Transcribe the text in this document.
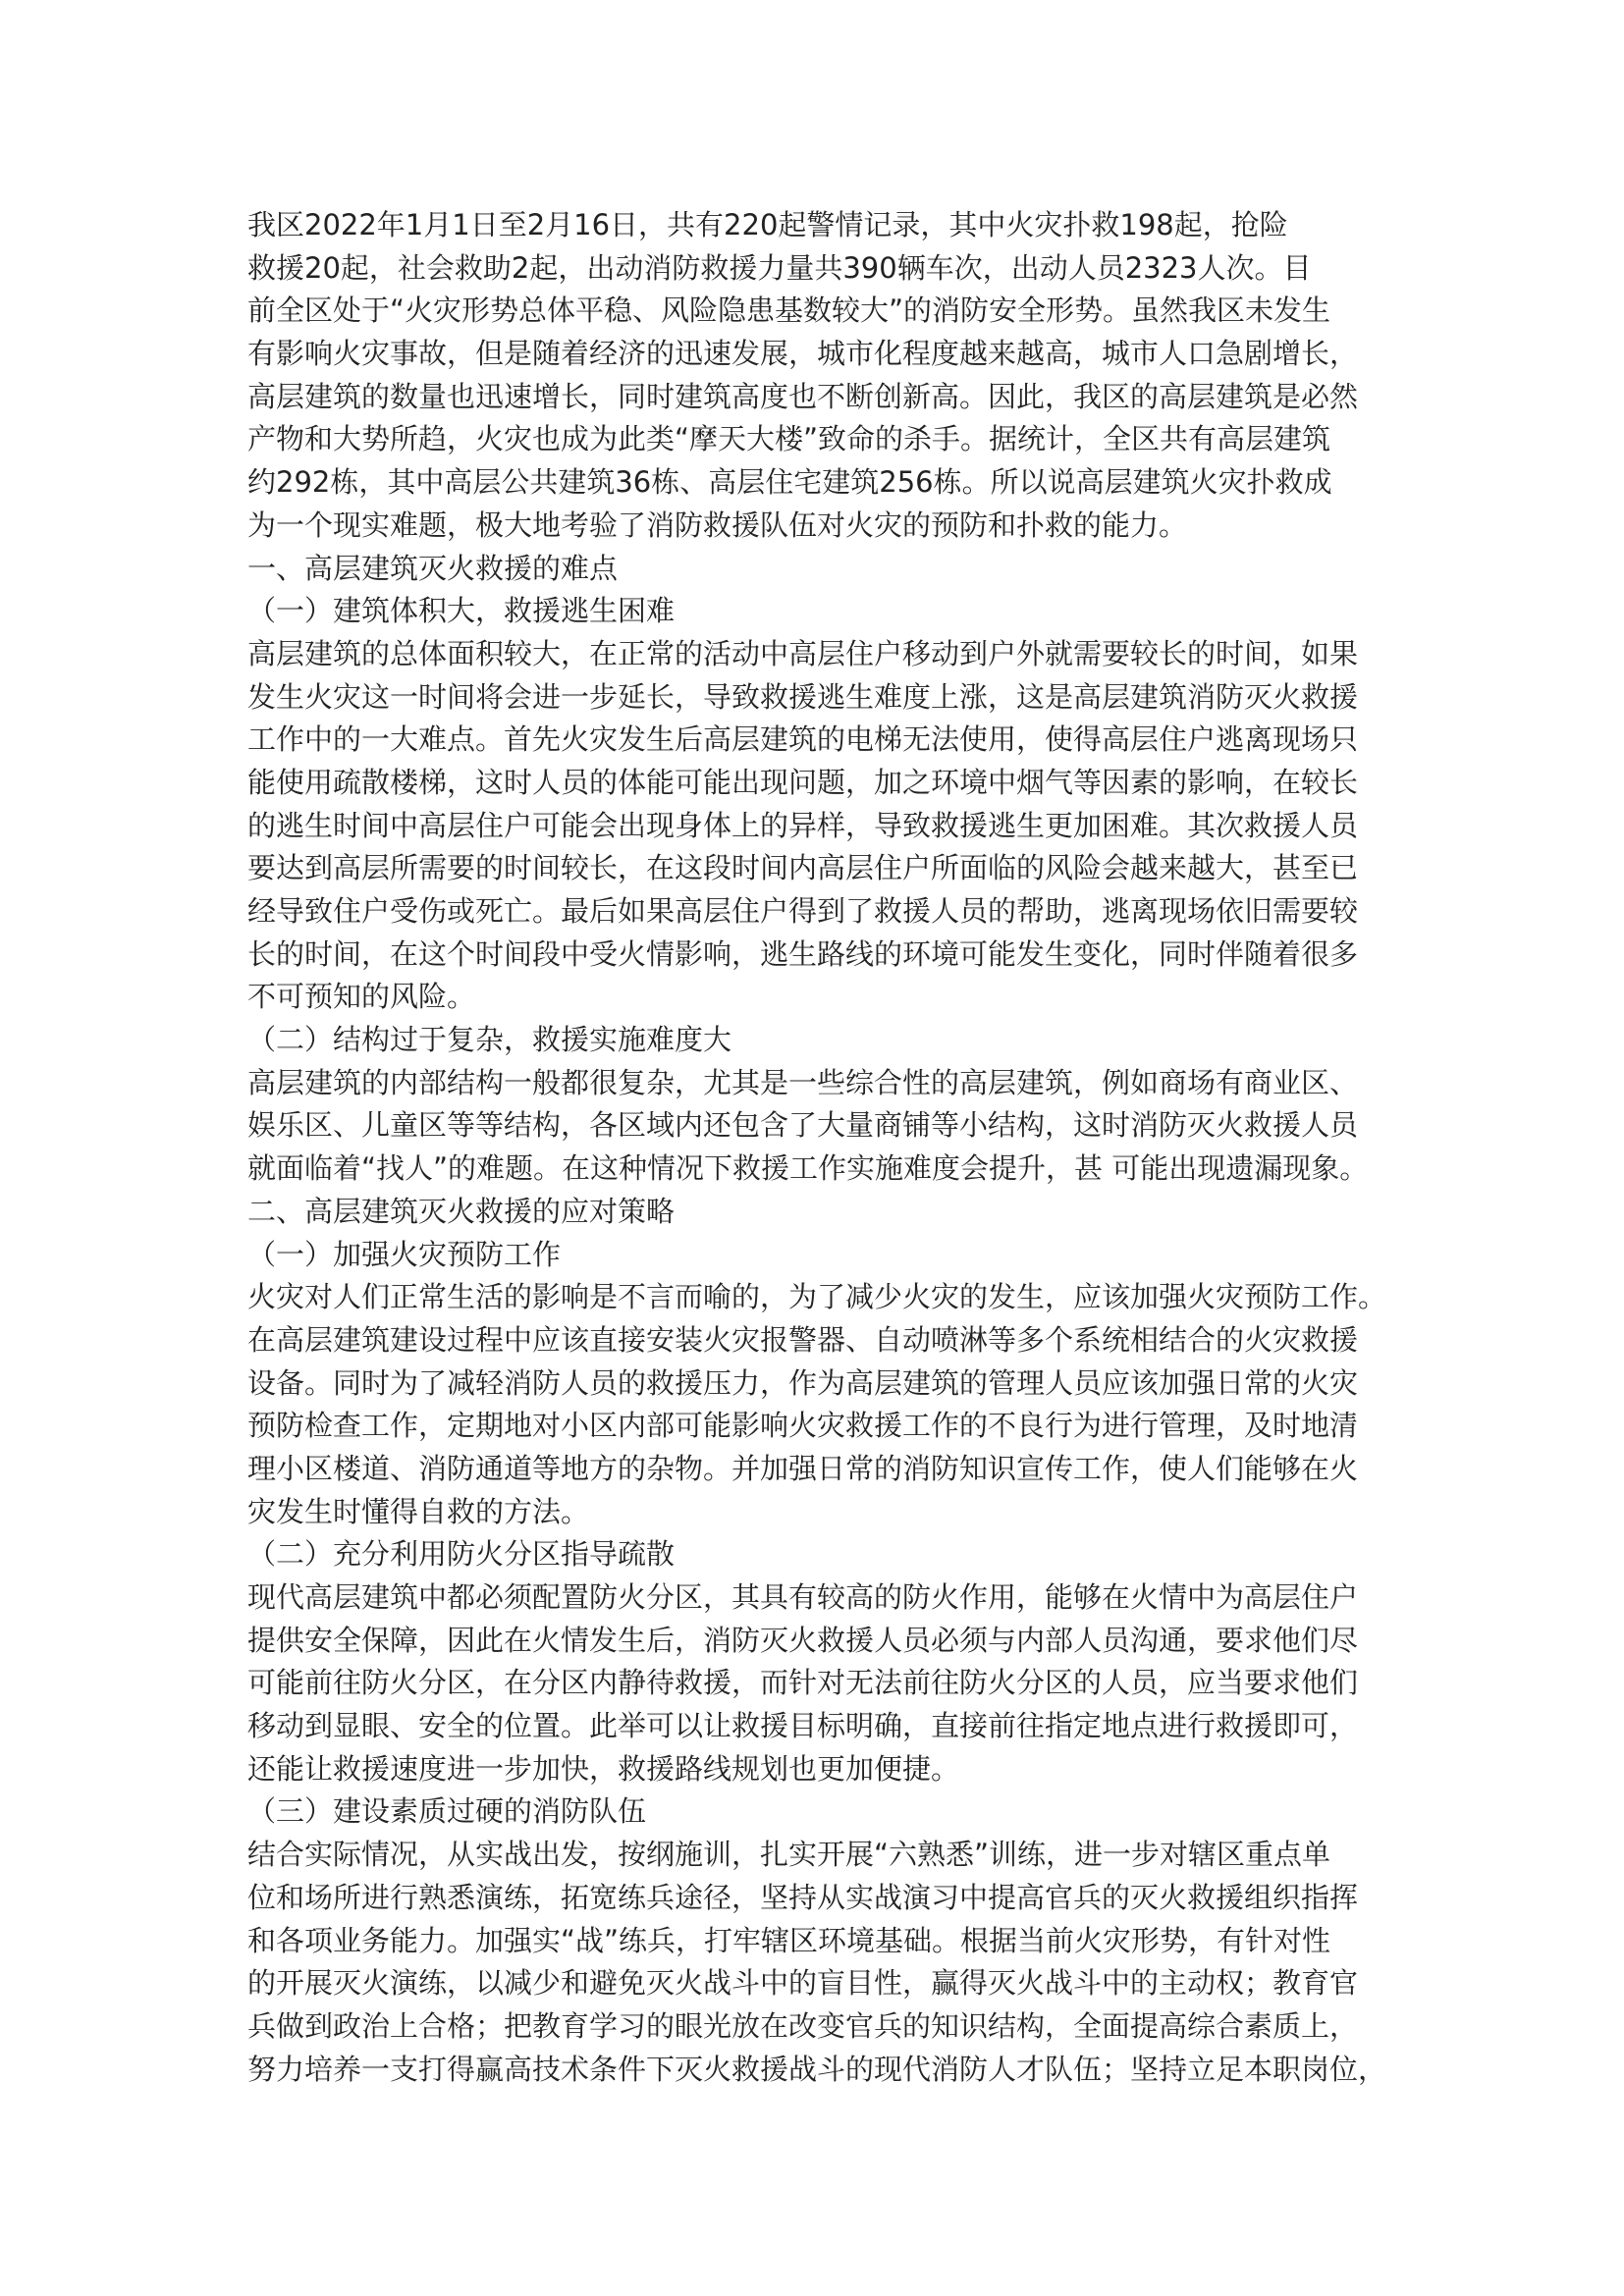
我区2022年1月1日至2月16日，共有220起警情记录，其中火灾扑救198起，抢险
救援20起，社会救助2起，出动消防救援力量共390辆车次，出动人员2323人次。目
前全区处于“火灾形势总体平稳、风险隐患基数较大”的消防安全形势。虽然我区未发生
有影响火灾事故，但是随着经济的迅速发展，城市化程度越来越高，城市人口急剧增长，
高层建筑的数量也迅速增长，同时建筑高度也不断创新高。因此，我区的高层建筑是必然
产物和大势所趋，火灾也成为此类“摩天大楼”致命的杀手。据统计，全区共有高层建筑
约292栋，其中高层公共建筑36栋、高层住宅建筑256栋。所以说高层建筑火灾扑救成
为一个现实难题，极大地考验了消防救援队伍对火灾的预防和扑救的能力。
一、高层建筑灭火救援的难点
（一）建筑体积大，救援逃生困难
高层建筑的总体面积较大，在正常的活动中高层住户移动到户外就需要较长的时间，如果
发生火灾这一时间将会进一步延长，导致救援逃生难度上涨，这是高层建筑消防灭火救援
工作中的一大难点。首先火灾发生后高层建筑的电梯无法使用，使得高层住户逃离现场只
能使用疏散楼梯，这时人员的体能可能出现问题，加之环境中烟气等因素的影响，在较长
的逃生时间中高层住户可能会出现身体上的异样，导致救援逃生更加困难。其次救援人员
要达到高层所需要的时间较长，在这段时间内高层住户所面临的风险会越来越大，甚至已
经导致住户受伤或死亡。最后如果高层住户得到了救援人员的帮助，逃离现场依旧需要较
长的时间，在这个时间段中受火情影响，逃生路线的环境可能发生变化，同时伴随着很多
不可预知的风险。
（二）结构过于复杂，救援实施难度大
高层建筑的内部结构一般都很复杂，尤其是一些综合性的高层建筑，例如商场有商业区、
娱乐区、儿童区等等结构，各区域内还包含了大量商铺等小结构，这时消防灭火救援人员
就面临着“找人”的难题。在这种情况下救援工作实施难度会提升，甚 可能出现遗漏现象。
二、高层建筑灭火救援的应对策略
（一）加强火灾预防工作
火灾对人们正常生活的影响是不言而喻的，为了减少火灾的发生，应该加强火灾预防工作。
在高层建筑建设过程中应该直接安装火灾报警器、自动喷淋等多个系统相结合的火灾救援
设备。同时为了减轻消防人员的救援压力，作为高层建筑的管理人员应该加强日常的火灾
预防检查工作，定期地对小区内部可能影响火灾救援工作的不良行为进行管理，及时地清
理小区楼道、消防通道等地方的杂物。并加强日常的消防知识宣传工作，使人们能够在火
灾发生时懂得自救的方法。
（二）充分利用防火分区指导疏散
现代高层建筑中都必须配置防火分区，其具有较高的防火作用，能够在火情中为高层住户
提供安全保障，因此在火情发生后，消防灭火救援人员必须与内部人员沟通，要求他们尽
可能前往防火分区，在分区内静待救援，而针对无法前往防火分区的人员，应当要求他们
移动到显眼、安全的位置。此举可以让救援目标明确，直接前往指定地点进行救援即可，
还能让救援速度进一步加快，救援路线规划也更加便捷。
（三）建设素质过硬的消防队伍
结合实际情况，从实战出发，按纲施训，扎实开展“六熟悉”训练，进一步对辖区重点单
位和场所进行熟悉演练，拓宽练兵途径，坚持从实战演习中提高官兵的灭火救援组织指挥
和各项业务能力。加强实“战”练兵，打牢辖区环境基础。根据当前火灾形势，有针对性
的开展灭火演练，以减少和避免灭火战斗中的盲目性，赢得灭火战斗中的主动权；教育官
兵做到政治上合格；把教育学习的眼光放在改变官兵的知识结构，全面提高综合素质上，
努力培养一支打得赢高技术条件下灭火救援战斗的现代消防人才队伍；坚持立足本职岗位，
